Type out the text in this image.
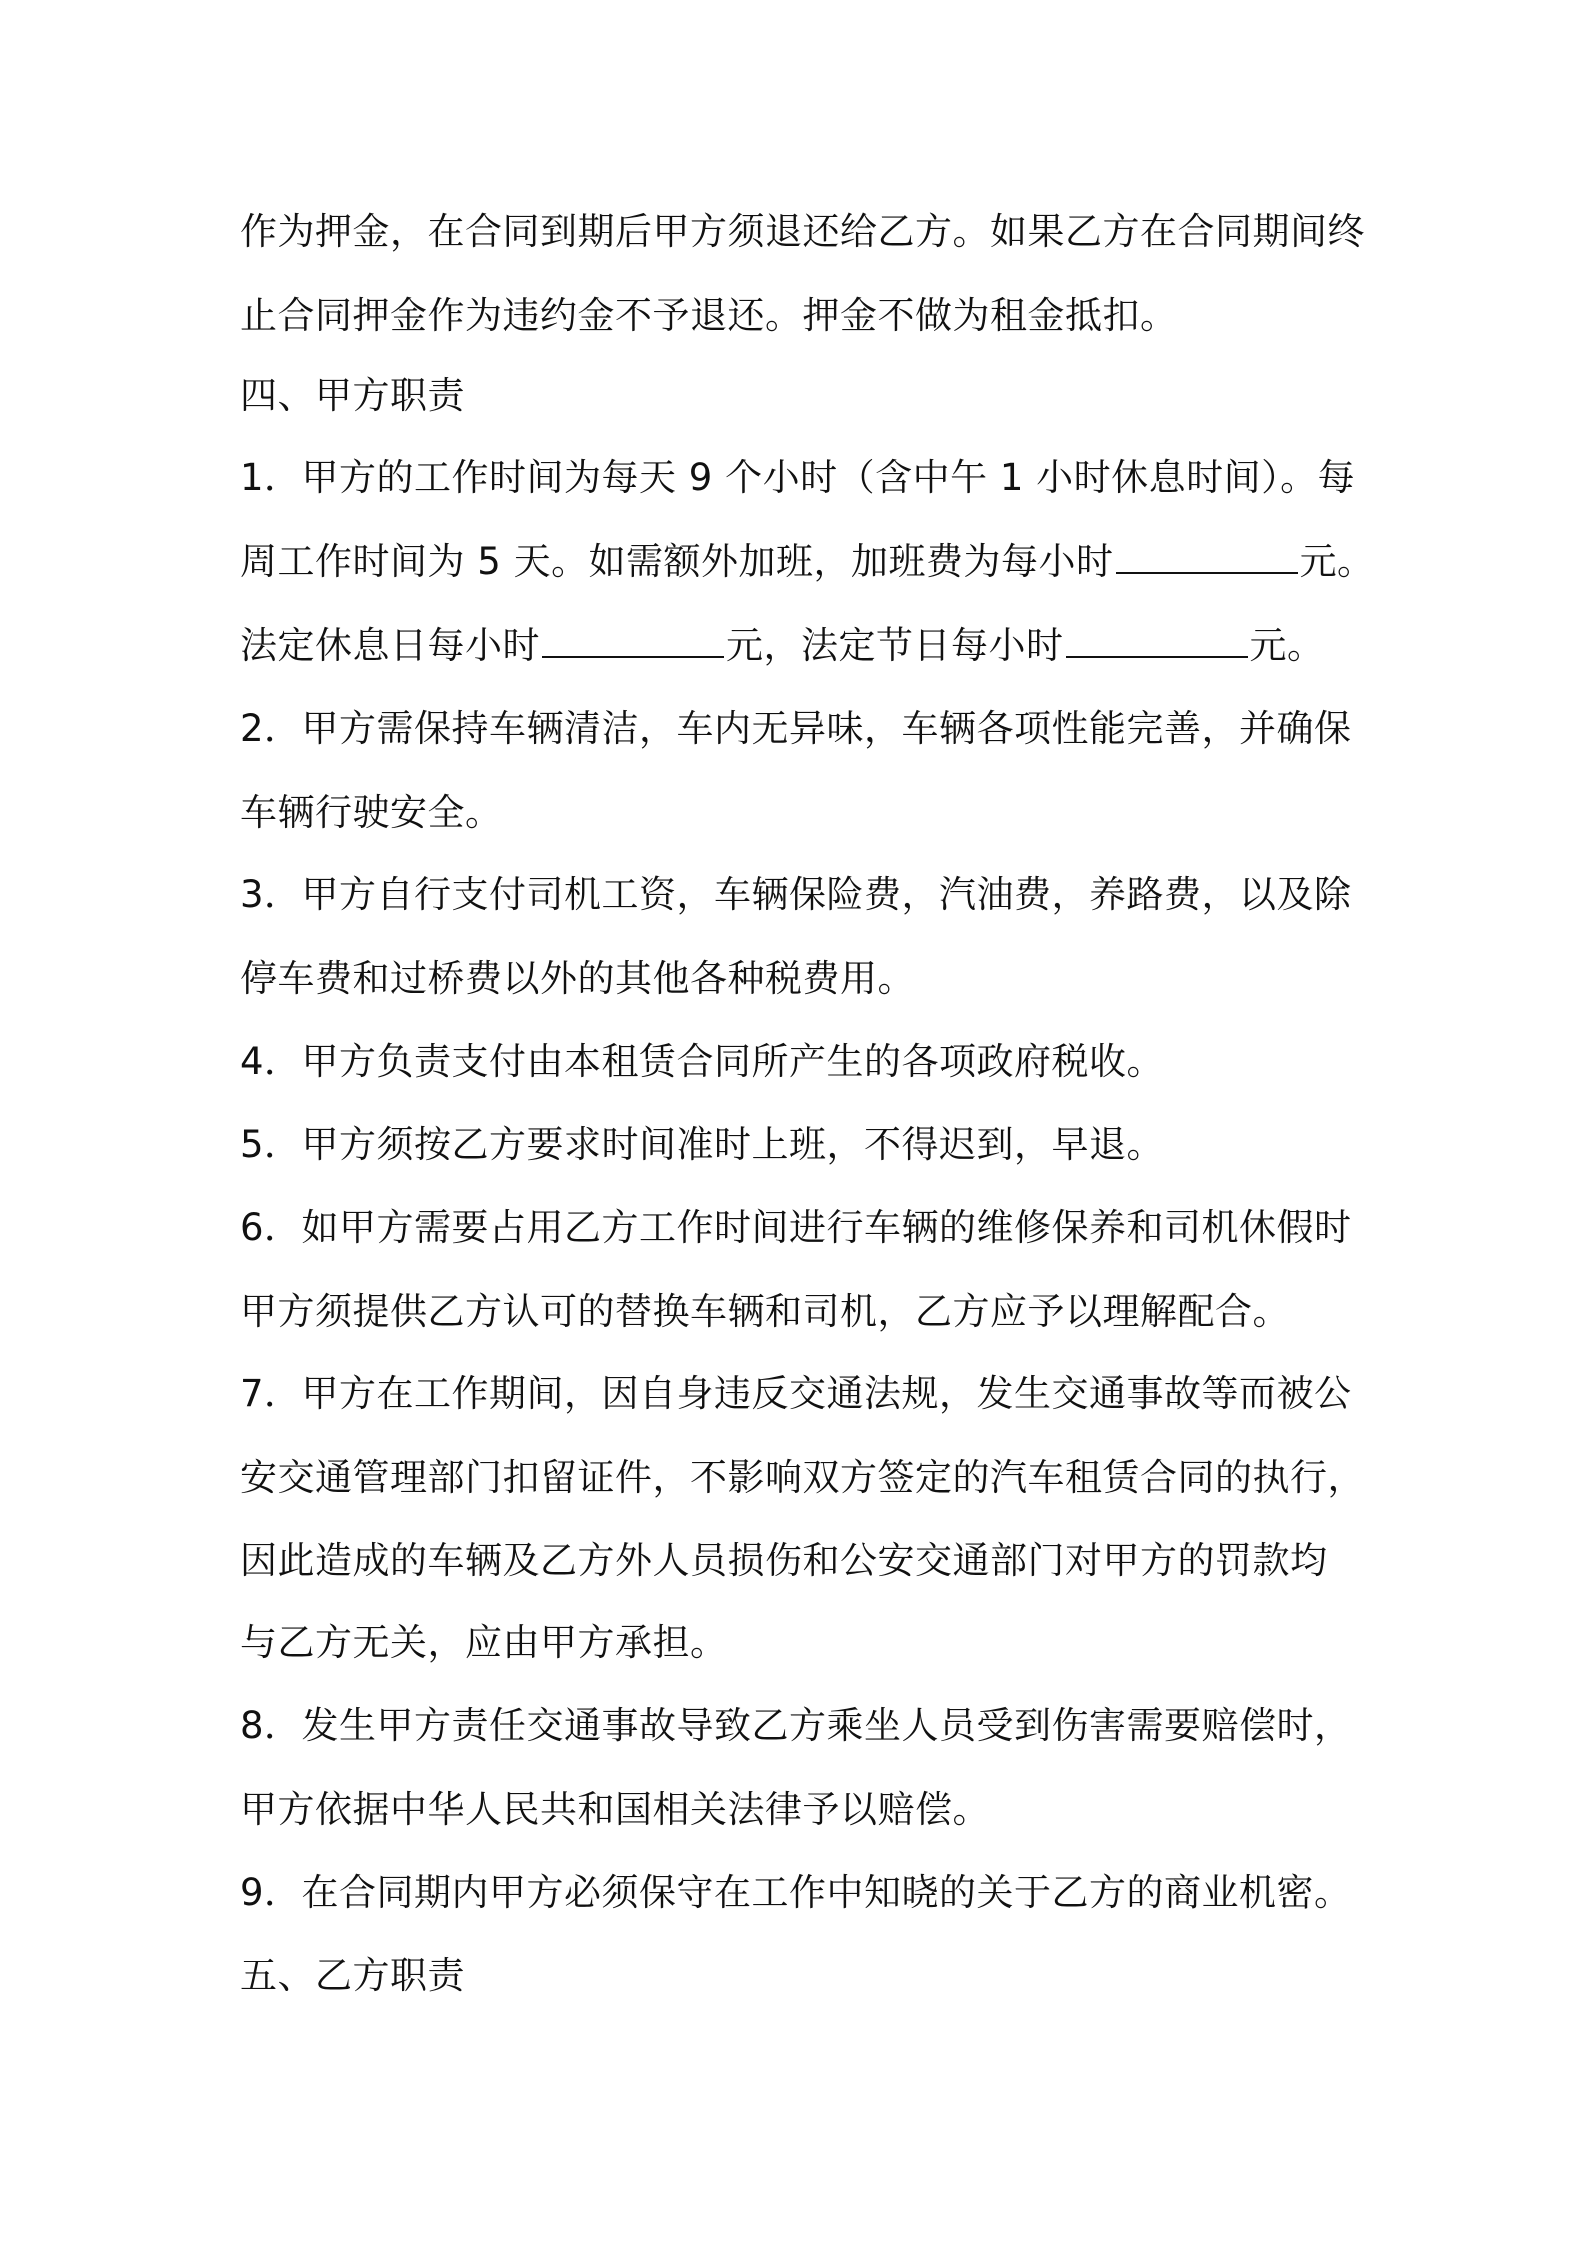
作为押金，在合同到期后甲方须退还给乙方。如果乙方在合同期间终
止合同押金作为违约金不予退还。押金不做为租金抵扣。
四、甲方职责
1．甲方的工作时间为每天 9 个小时（含中午 1 小时休息时间）。每
周工作时间为 5 天。如需额外加班，加班费为每小时	元。
法定休息日每小时	元，法定节日每小时	元。
2．甲方需保持车辆清洁，车内无异味，车辆各项性能完善，并确保
车辆行驶安全。
3．甲方自行支付司机工资，车辆保险费，汽油费，养路费，以及除
停车费和过桥费以外的其他各种税费用。
4．甲方负责支付由本租赁合同所产生的各项政府税收。
5．甲方须按乙方要求时间准时上班，不得迟到，早退。
6．如甲方需要占用乙方工作时间进行车辆的维修保养和司机休假时
甲方须提供乙方认可的替换车辆和司机，乙方应予以理解配合。
7．甲方在工作期间，因自身违反交通法规，发生交通事故等而被公
安交通管理部门扣留证件，不影响双方签定的汽车租赁合同的执行，
因此造成的车辆及乙方外人员损伤和公安交通部门对甲方的罚款均
与乙方无关，应由甲方承担。
8．发生甲方责任交通事故导致乙方乘坐人员受到伤害需要赔偿时，
甲方依据中华人民共和国相关法律予以赔偿。
9．在合同期内甲方必须保守在工作中知晓的关于乙方的商业机密。
五、乙方职责
